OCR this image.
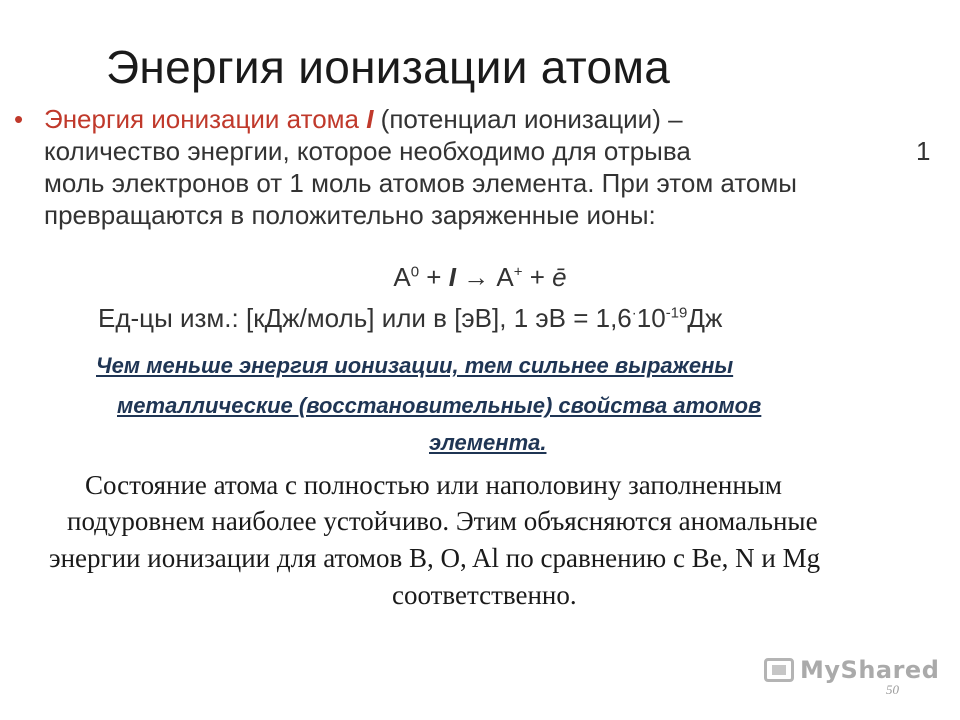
Энергия ионизации атома
• Энергия ионизации атома I (потенциал ионизации) –
количество энергии, которое необходимо для отрыва	1
моль электронов от 1 моль атомов элемента. При этом атомы
превращаются в положительно заряженные ионы:
$А^0 + I \to А^+$ + ē
Ед-цы изм.: [кДж/моль] или в [эВ], 1 эВ = $1,6^\cdot 10^{-19}Дж$
Чем меньше энергия ионизации, тем сильнее выражены
металлические (восстановительные) свойства атомов
элемента.
Состояние атома с полностью или наполовину заполненным
подуровнем наиболее устойчиво. Этим объясняются аномальные
энергии ионизации для атомов B, O, Al по сравнению с Be, N и Mg
соответственно.
MyShared
50
